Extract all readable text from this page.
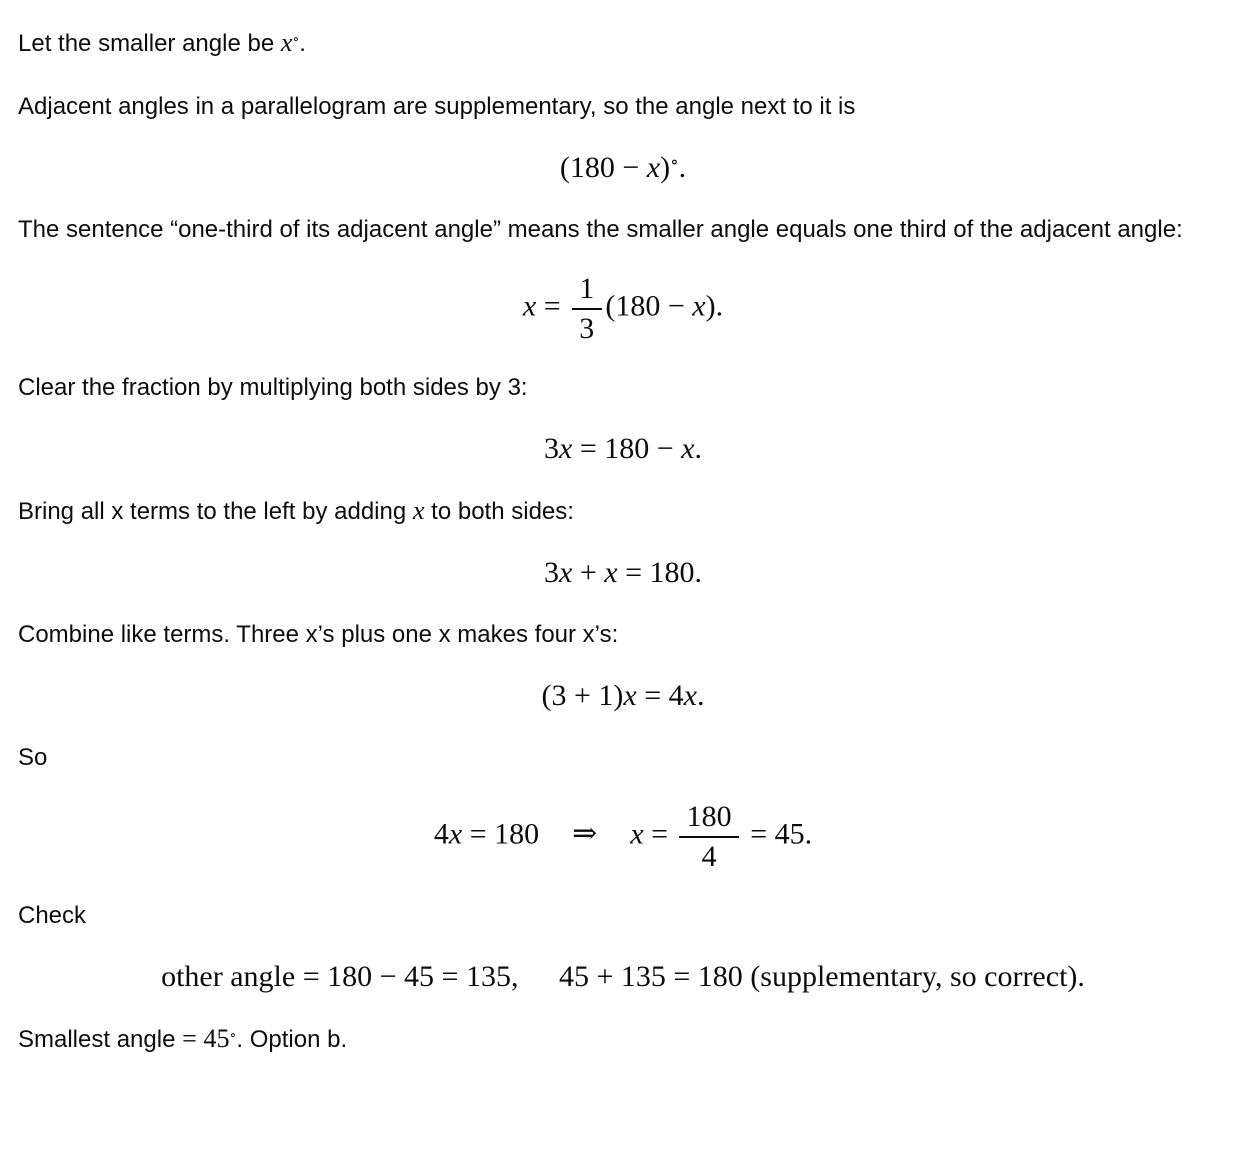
Let the smaller angle be x∘.

Adjacent angles in a parallelogram are supplementary, so the angle next to it is

(180 − x)∘.

The sentence “one-third of its adjacent angle” means the smaller angle equals one third of the adjacent angle:

$x = \frac{1}{3} (180 - x)$.

Clear the fraction by multiplying both sides by 3:

3x = 180 − x.

Bring all x terms to the left by adding x to both sides:

3x + x = 180.

Combine like terms. Three x’s plus one x makes four x’s:

(3 + 1)x = 4x.

So

4x = 180 ⇒ $x = \frac{180}{4} = 45$.

Check

other angle = 180 − 45 = 135, 45 + 135 = 180 (supplementary, so correct).

Smallest angle = 45∘. Option b.
